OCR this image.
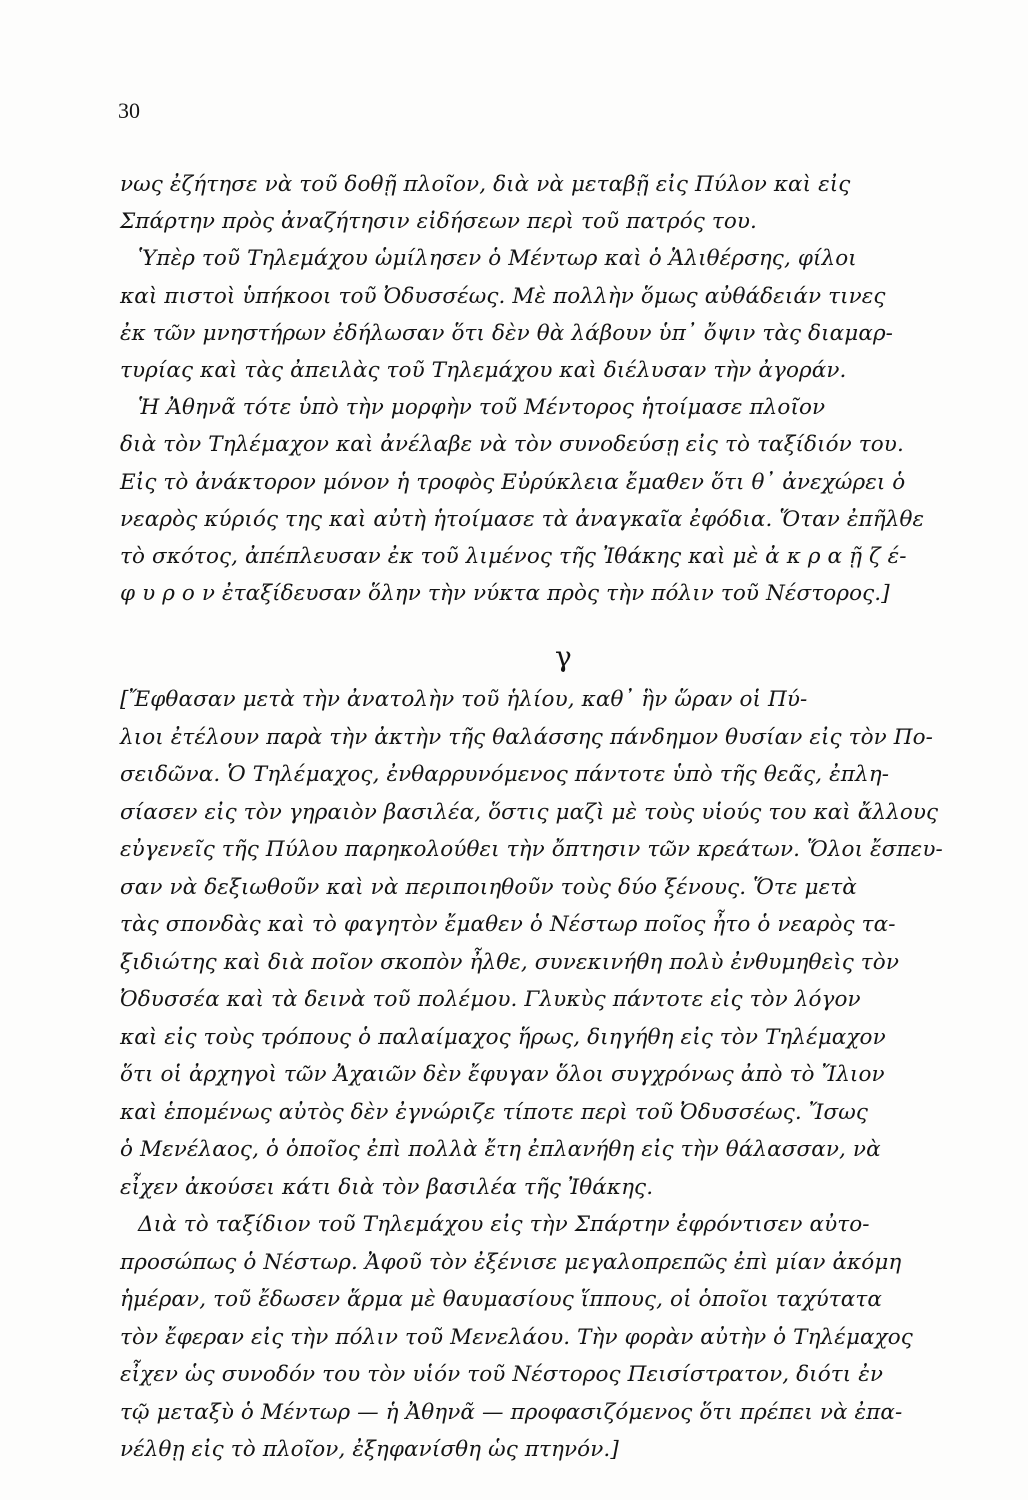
30
νως ἐζήτησε νὰ τοῦ δοθῇ πλοῖον, διὰ νὰ μεταβῇ εἰς Πύλον καὶ εἰς
Σπάρτην πρὸς ἀναζήτησιν εἰδήσεων περὶ τοῦ πατρός του.
Ὑπὲρ τοῦ Τηλεμάχου ὡμίλησεν ὁ Μέντωρ καὶ ὁ Ἁλιθέρσης, φίλοι
καὶ πιστοὶ ὑπήκοοι τοῦ Ὀδυσσέως. Μὲ πολλὴν ὅμως αὐθάδειάν τινες
ἐκ τῶν μνηστήρων ἐδήλωσαν ὅτι δὲν θὰ λάβουν ὑπ᾽ ὄψιν τὰς διαμαρ-
τυρίας καὶ τὰς ἀπειλὰς τοῦ Τηλεμάχου καὶ διέλυσαν τὴν ἀγοράν.
Ἡ Ἀθηνᾶ τότε ὑπὸ τὴν μορφὴν τοῦ Μέντορος ἡτοίμασε πλοῖον
διὰ τὸν Τηλέμαχον καὶ ἀνέλαβε νὰ τὸν συνοδεύσῃ εἰς τὸ ταξίδιόν του.
Εἰς τὸ ἀνάκτορον μόνον ἡ τροφὸς Εὐρύκλεια ἔμαθεν ὅτι θ᾽ ἀνεχώρει ὁ
νεαρὸς κύριός της καὶ αὐτὴ ἡτοίμασε τὰ ἀναγκαῖα ἐφόδια. Ὅταν ἐπῆλθε
τὸ σκότος, ἀπέπλευσαν ἐκ τοῦ λιμένος τῆς Ἰθάκης καὶ μὲ ἀ κ ρ α ῇ ζ έ-
φ υ ρ ο ν ἐταξίδευσαν ὅλην τὴν νύκτα πρὸς τὴν πόλιν τοῦ Νέστορος.]
γ
[Ἔφθασαν μετὰ τὴν ἀνατολὴν τοῦ ἡλίου, καθ᾽ ἣν ὥραν οἱ Πύ-
λιοι ἐτέλουν παρὰ τὴν ἀκτὴν τῆς θαλάσσης πάνδημον θυσίαν εἰς τὸν Πο-
σειδῶνα. Ὁ Τηλέμαχος, ἐνθαρρυνόμενος πάντοτε ὑπὸ τῆς θεᾶς, ἐπλη-
σίασεν εἰς τὸν γηραιὸν βασιλέα, ὅστις μαζὶ μὲ τοὺς υἱούς του καὶ ἄλλους
εὐγενεῖς τῆς Πύλου παρηκολούθει τὴν ὄπτησιν τῶν κρεάτων. Ὅλοι ἔσπευ-
σαν νὰ δεξιωθοῦν καὶ νὰ περιποιηθοῦν τοὺς δύο ξένους. Ὅτε μετὰ
τὰς σπονδὰς καὶ τὸ φαγητὸν ἔμαθεν ὁ Νέστωρ ποῖος ἦτο ὁ νεαρὸς τα-
ξιδιώτης καὶ διὰ ποῖον σκοπὸν ἦλθε, συνεκινήθη πολὺ ἐνθυμηθεὶς τὸν
Ὀδυσσέα καὶ τὰ δεινὰ τοῦ πολέμου. Γλυκὺς πάντοτε εἰς τὸν λόγον
καὶ εἰς τοὺς τρόπους ὁ παλαίμαχος ἥρως, διηγήθη εἰς τὸν Τηλέμαχον
ὅτι οἱ ἀρχηγοὶ τῶν Ἀχαιῶν δὲν ἔφυγαν ὅλοι συγχρόνως ἀπὸ τὸ Ἴλιον
καὶ ἑπομένως αὐτὸς δὲν ἐγνώριζε τίποτε περὶ τοῦ Ὀδυσσέως. Ἴσως
ὁ Μενέλαος, ὁ ὁποῖος ἐπὶ πολλὰ ἔτη ἐπλανήθη εἰς τὴν θάλασσαν, νὰ
εἶχεν ἀκούσει κάτι διὰ τὸν βασιλέα τῆς Ἰθάκης.
Διὰ τὸ ταξίδιον τοῦ Τηλεμάχου εἰς τὴν Σπάρτην ἐφρόντισεν αὐτο-
προσώπως ὁ Νέστωρ. Ἀφοῦ τὸν ἐξένισε μεγαλοπρεπῶς ἐπὶ μίαν ἀκόμη
ἡμέραν, τοῦ ἔδωσεν ἅρμα μὲ θαυμασίους ἵππους, οἱ ὁποῖοι ταχύτατα
τὸν ἔφεραν εἰς τὴν πόλιν τοῦ Μενελάου. Τὴν φορὰν αὐτὴν ὁ Τηλέμαχος
εἶχεν ὡς συνοδόν του τὸν υἱόν τοῦ Νέστορος Πεισίστρατον, διότι ἐν
τῷ μεταξὺ ὁ Μέντωρ — ἡ Ἀθηνᾶ — προφασιζόμενος ὅτι πρέπει νὰ ἐπα-
νέλθῃ εἰς τὸ πλοῖον, ἐξηφανίσθη ὡς πτηνόν.]
